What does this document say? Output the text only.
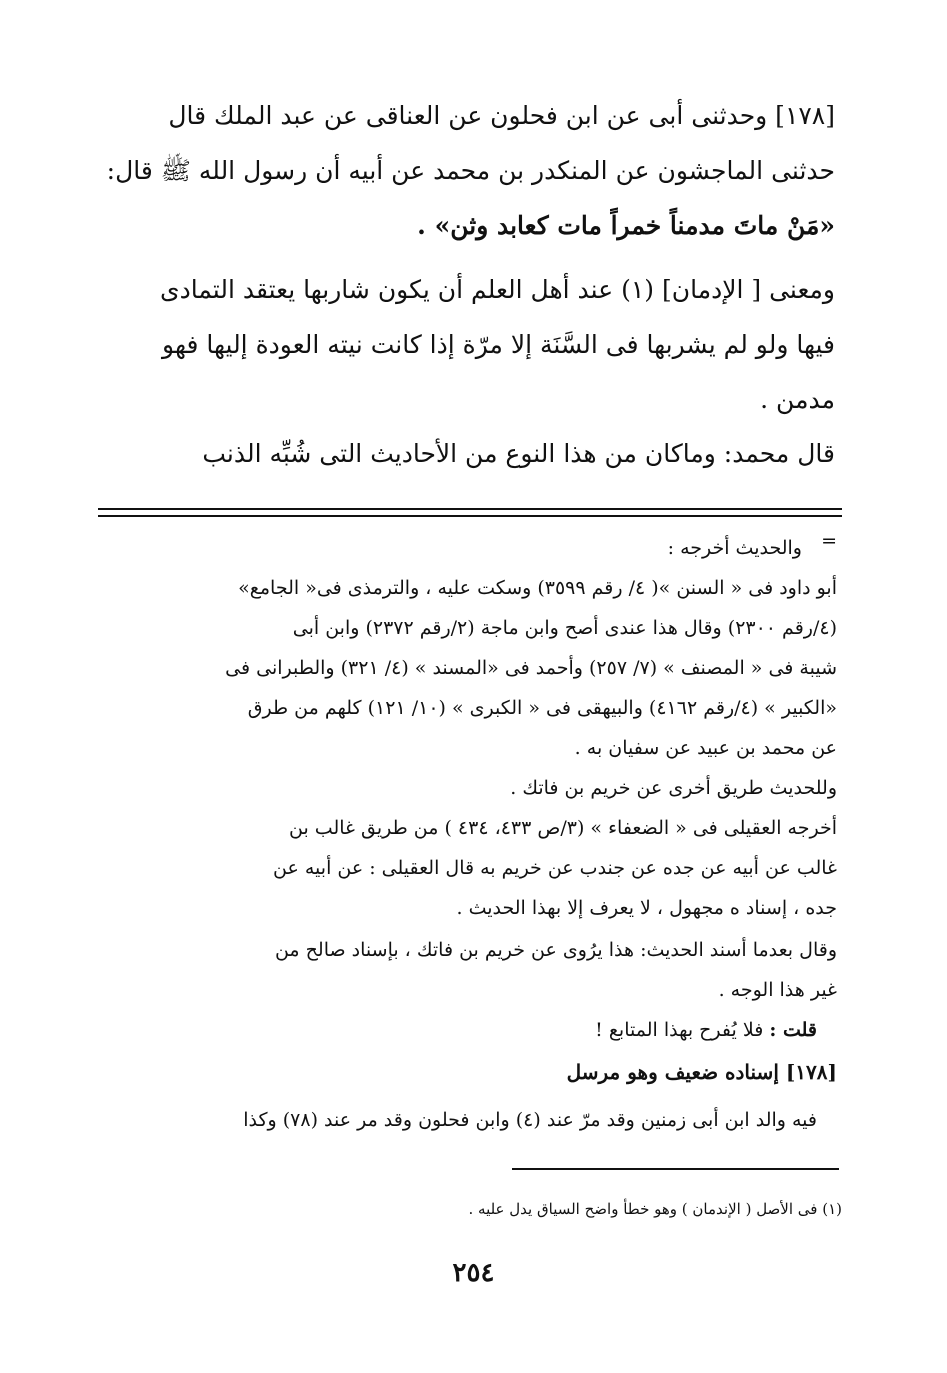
[١٧٨] وحدثنى أبى عن ابن فحلون عن العناقى عن عبد الملك قال

حدثنى الماجشون عن المنكدر بن محمد عن أبيه أن رسول الله ﷺ قال:

«مَنْ ماتَ مدمناً خمراً مات كعابد وثن» .

ومعنى [ الإدمان] (١) عند أهل العلم أن يكون شاربها يعتقد التمادى

فيها ولو لم يشربها فى السَّنَة إلا مرّة إذا كانت نيته العودة إليها فهو

مدمن .

قال محمد: وماكان من هذا النوع من الأحاديث التى شُبِّه الذنب

=

والحديث أخرجه :

أبو داود فى « السنن »( ٤/ رقم ٣٥٩٩) وسكت عليه ، والترمذى فى« الجامع»

(٤/رقم ٢٣٠٠) وقال هذا عندى أصح وابن ماجة (٢/رقم ٢٣٧٢) وابن أبى

شيبة فى « المصنف » (٧/ ٢٥٧) وأحمد فى «المسند » (٤/ ٣٢١) والطبرانى فى

«الكبير » (٤/رقم ٤١٦٢) والبيهقى فى « الكبرى » (١٠/ ١٢١) كلهم من طرق

عن محمد بن عبيد عن سفيان به .

وللحديث طريق أخرى عن خريم بن فاتك .

أخرجه العقيلى فى « الضعفاء » (٣/ص ٤٣٣، ٤٣٤ ) من طريق غالب بن

غالب عن أبيه عن جده عن جندب عن خريم به قال العقيلى : عن أبيه عن

جده ، إسناد ه مجهول ، لا يعرف إلا بهذا الحديث .

وقال بعدما أسند الحديث: هذا يرُوى عن خريم بن فاتك ، بإسناد صالح من

غير هذا الوجه .

قلت : فلا يُفرح بهذا المتابع !

[١٧٨] إسناده ضعيف وهو مرسل

فيه والد ابن أبى زمنين وقد مرّ عند (٤) وابن فحلون وقد مر عند (٧٨) وكذا

(١) فى الأصل ( الإندمان ) وهو خطأ واضح السياق يدل عليه .

٢٥٤
